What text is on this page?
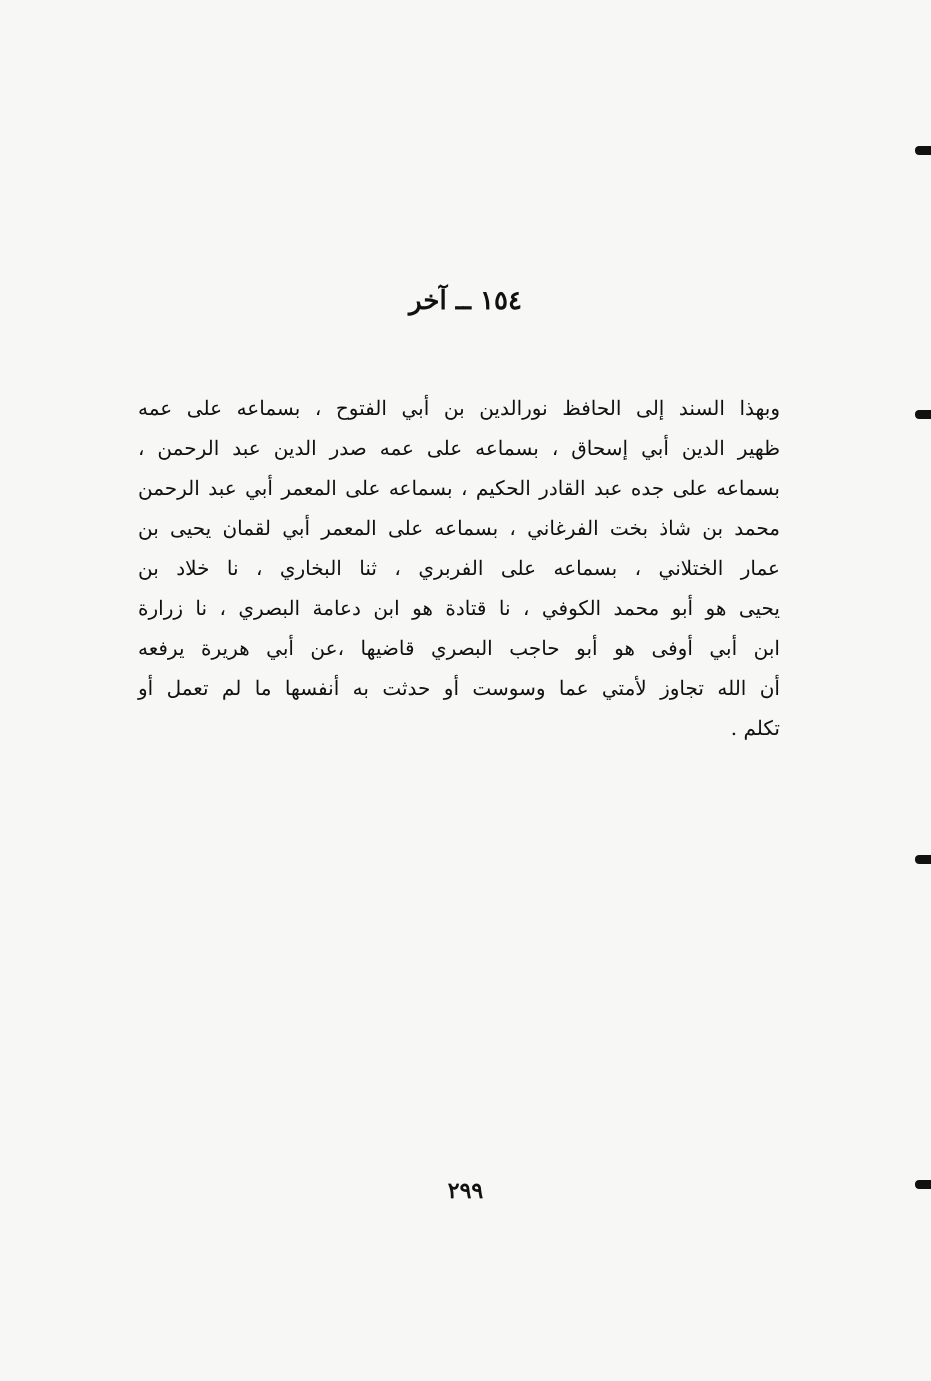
١٥٤ ــ آخر
وبهذا السند إلى الحافظ نورالدين بن أبي الفتوح ، بسماعه على عمه
ظهير الدين أبي إسحاق ، بسماعه على عمه صدر الدين عبد الرحمن ،
بسماعه على جده عبد القادر الحكيم ، بسماعه على المعمر أبي عبد الرحمن
محمد بن شاذ بخت الفرغاني ، بسماعه على المعمر أبي لقمان يحيى بن
عمار الختلاني ، بسماعه على الفربري ، ثنا البخاري ، نا خلاد بن
يحيى هو أبو محمد الكوفي ، نا قتادة هو ابن دعامة البصري ، نا زرارة
ابن أبي أوفى هو أبو حاجب البصري قاضيها ،عن أبي هريرة يرفعه
أن الله تجاوز لأمتي عما وسوست أو حدثت به أنفسها ما لم تعمل أو
تكلم .
٢٩٩
